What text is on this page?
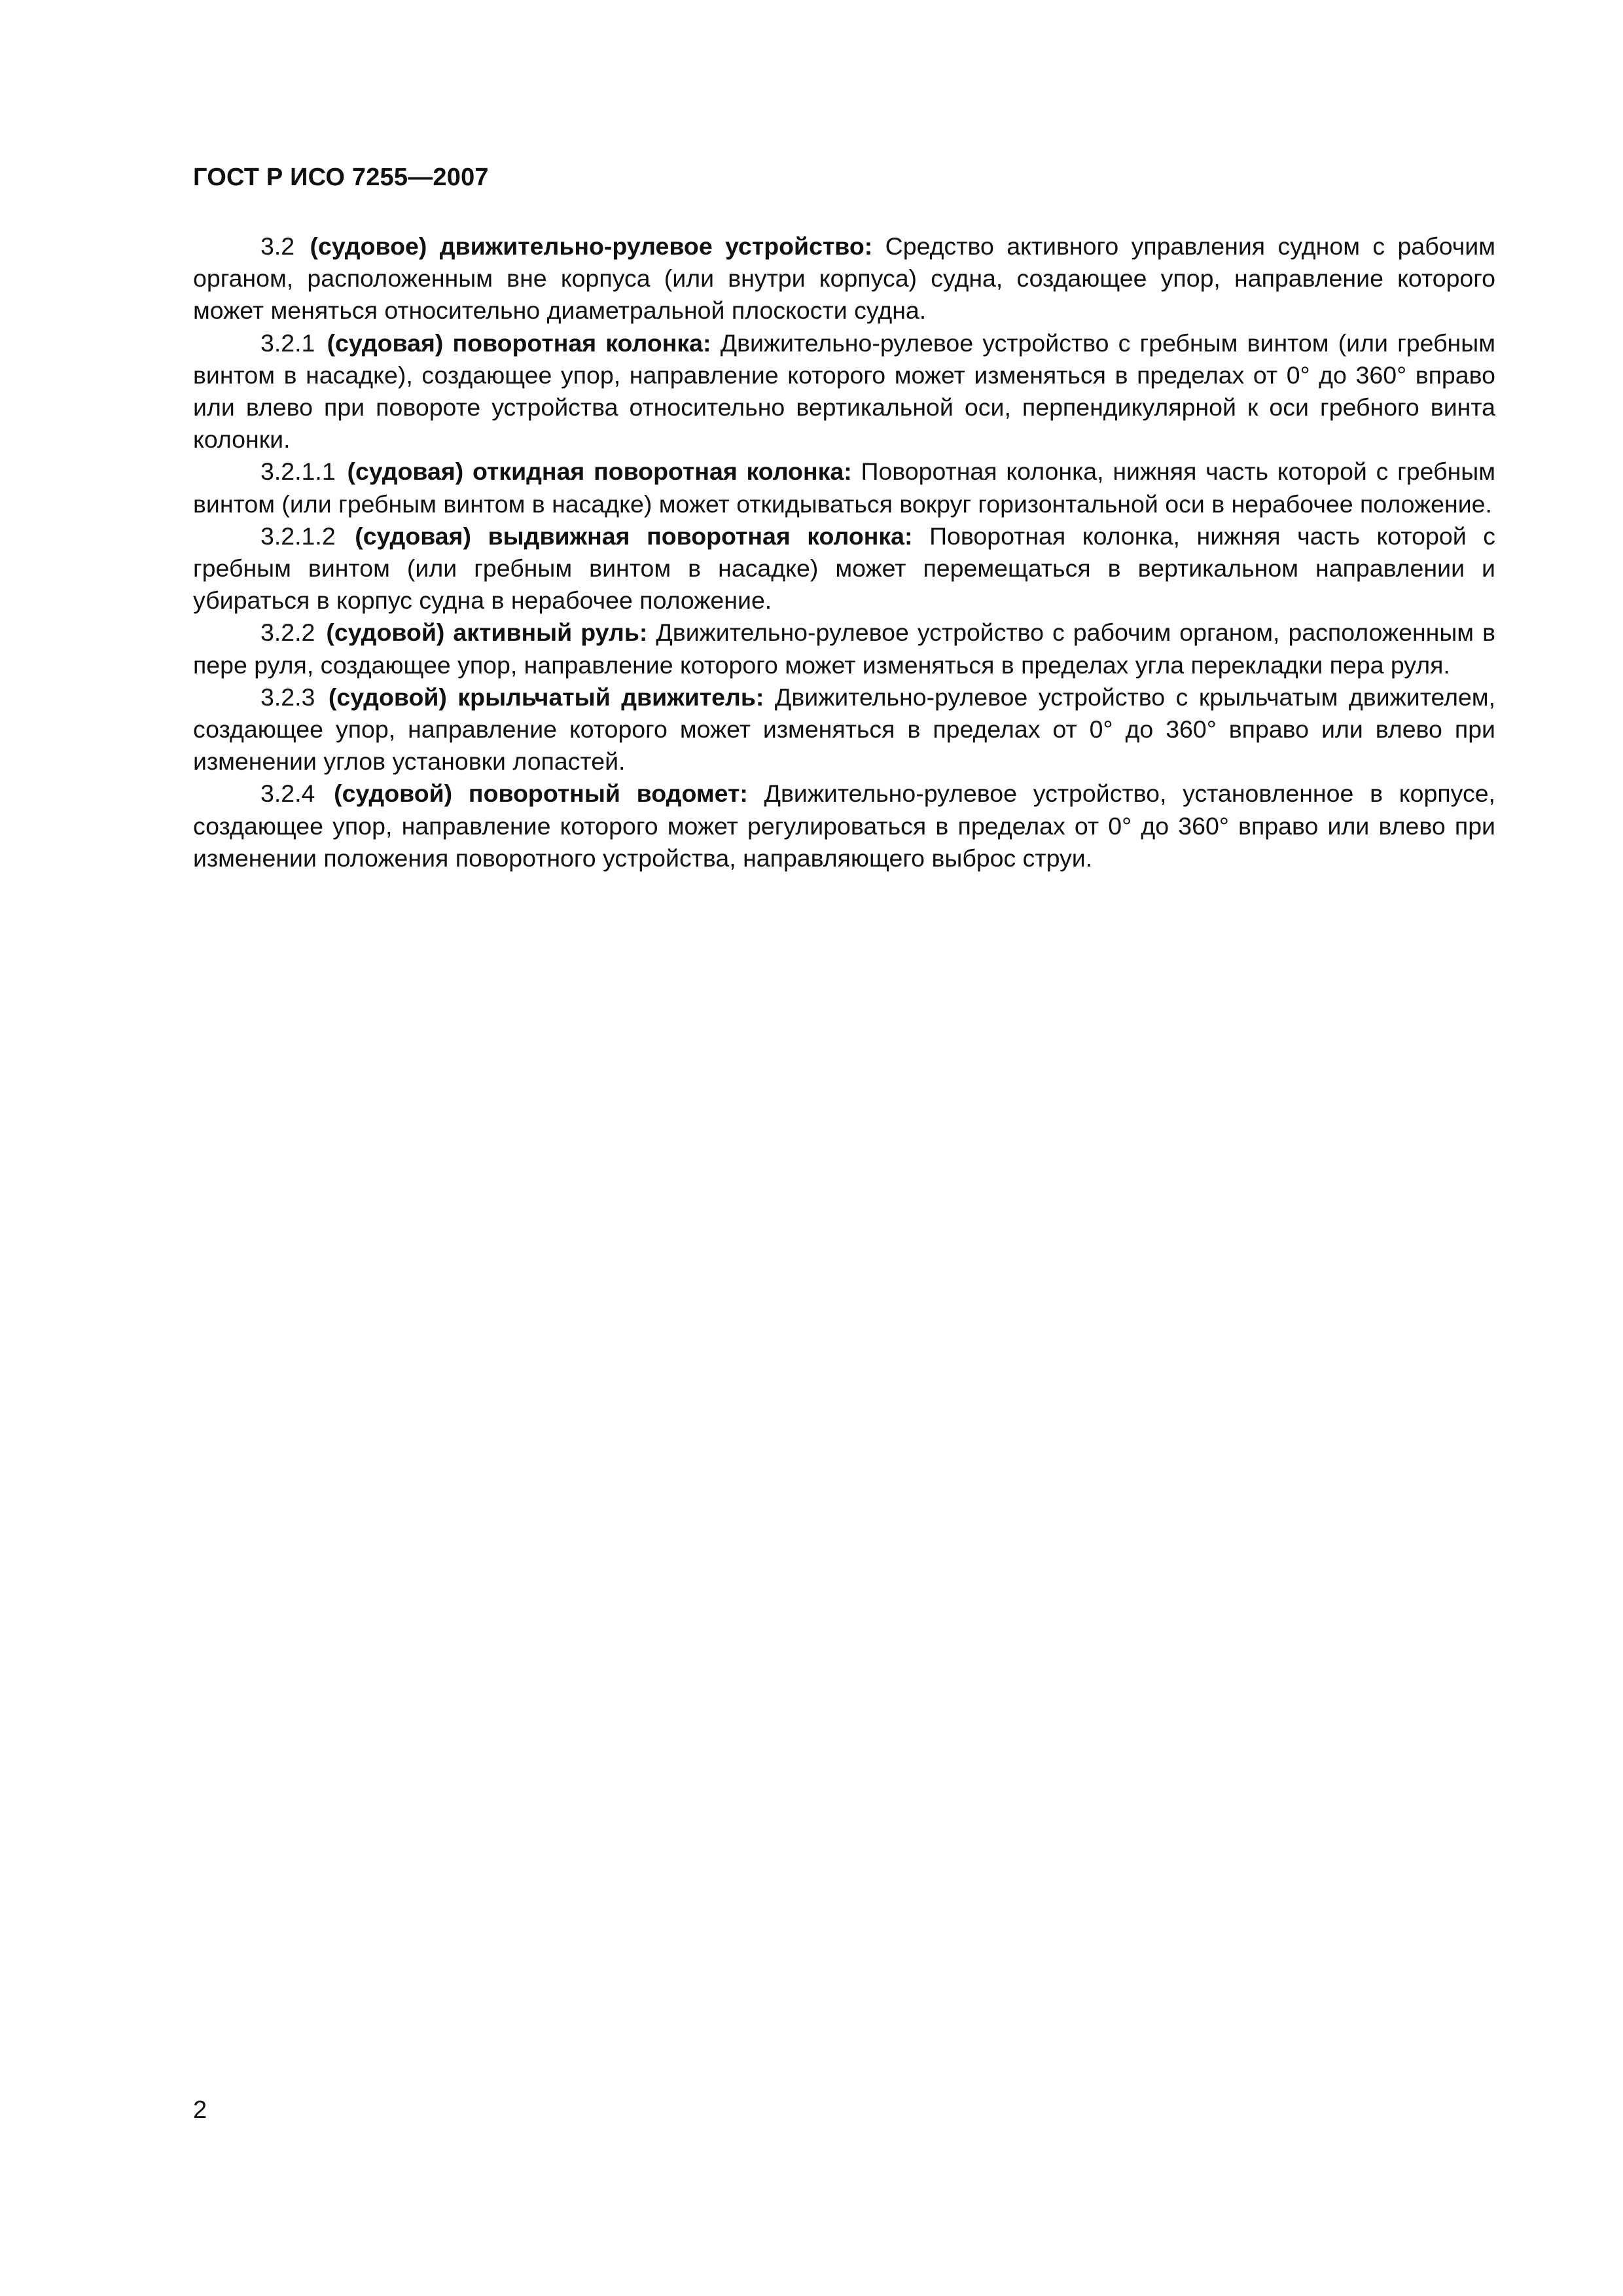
ГОСТ Р ИСО 7255—2007

3.2 (судовое) движительно-рулевое устройство: Средство активного управления судном с рабочим органом, расположенным вне корпуса (или внутри корпуса) судна, создающее упор, направление которого может меняться относительно диаметральной плоскости судна.

3.2.1 (судовая) поворотная колонка: Движительно-рулевое устройство с гребным винтом (или гребным винтом в насадке), создающее упор, направление которого может изменяться в пределах от 0° до 360° вправо или влево при повороте устройства относительно вертикальной оси, перпендикулярной к оси гребного винта колонки.

3.2.1.1 (судовая) откидная поворотная колонка: Поворотная колонка, нижняя часть которой с гребным винтом (или гребным винтом в насадке) может откидываться вокруг горизонтальной оси в нерабочее положение.

3.2.1.2 (судовая) выдвижная поворотная колонка: Поворотная колонка, нижняя часть которой с гребным винтом (или гребным винтом в насадке) может перемещаться в вертикальном направлении и убираться в корпус судна в нерабочее положение.

3.2.2 (судовой) активный руль: Движительно-рулевое устройство с рабочим органом, расположенным в пере руля, создающее упор, направление которого может изменяться в пределах угла перекладки пера руля.

3.2.3 (судовой) крыльчатый движитель: Движительно-рулевое устройство с крыльчатым движителем, создающее упор, направление которого может изменяться в пределах от 0° до 360° вправо или влево при изменении углов установки лопастей.

3.2.4 (судовой) поворотный водомет: Движительно-рулевое устройство, установленное в корпусе, создающее упор, направление которого может регулироваться в пределах от 0° до 360° вправо или влево при изменении положения поворотного устройства, направляющего выброс струи.

2
